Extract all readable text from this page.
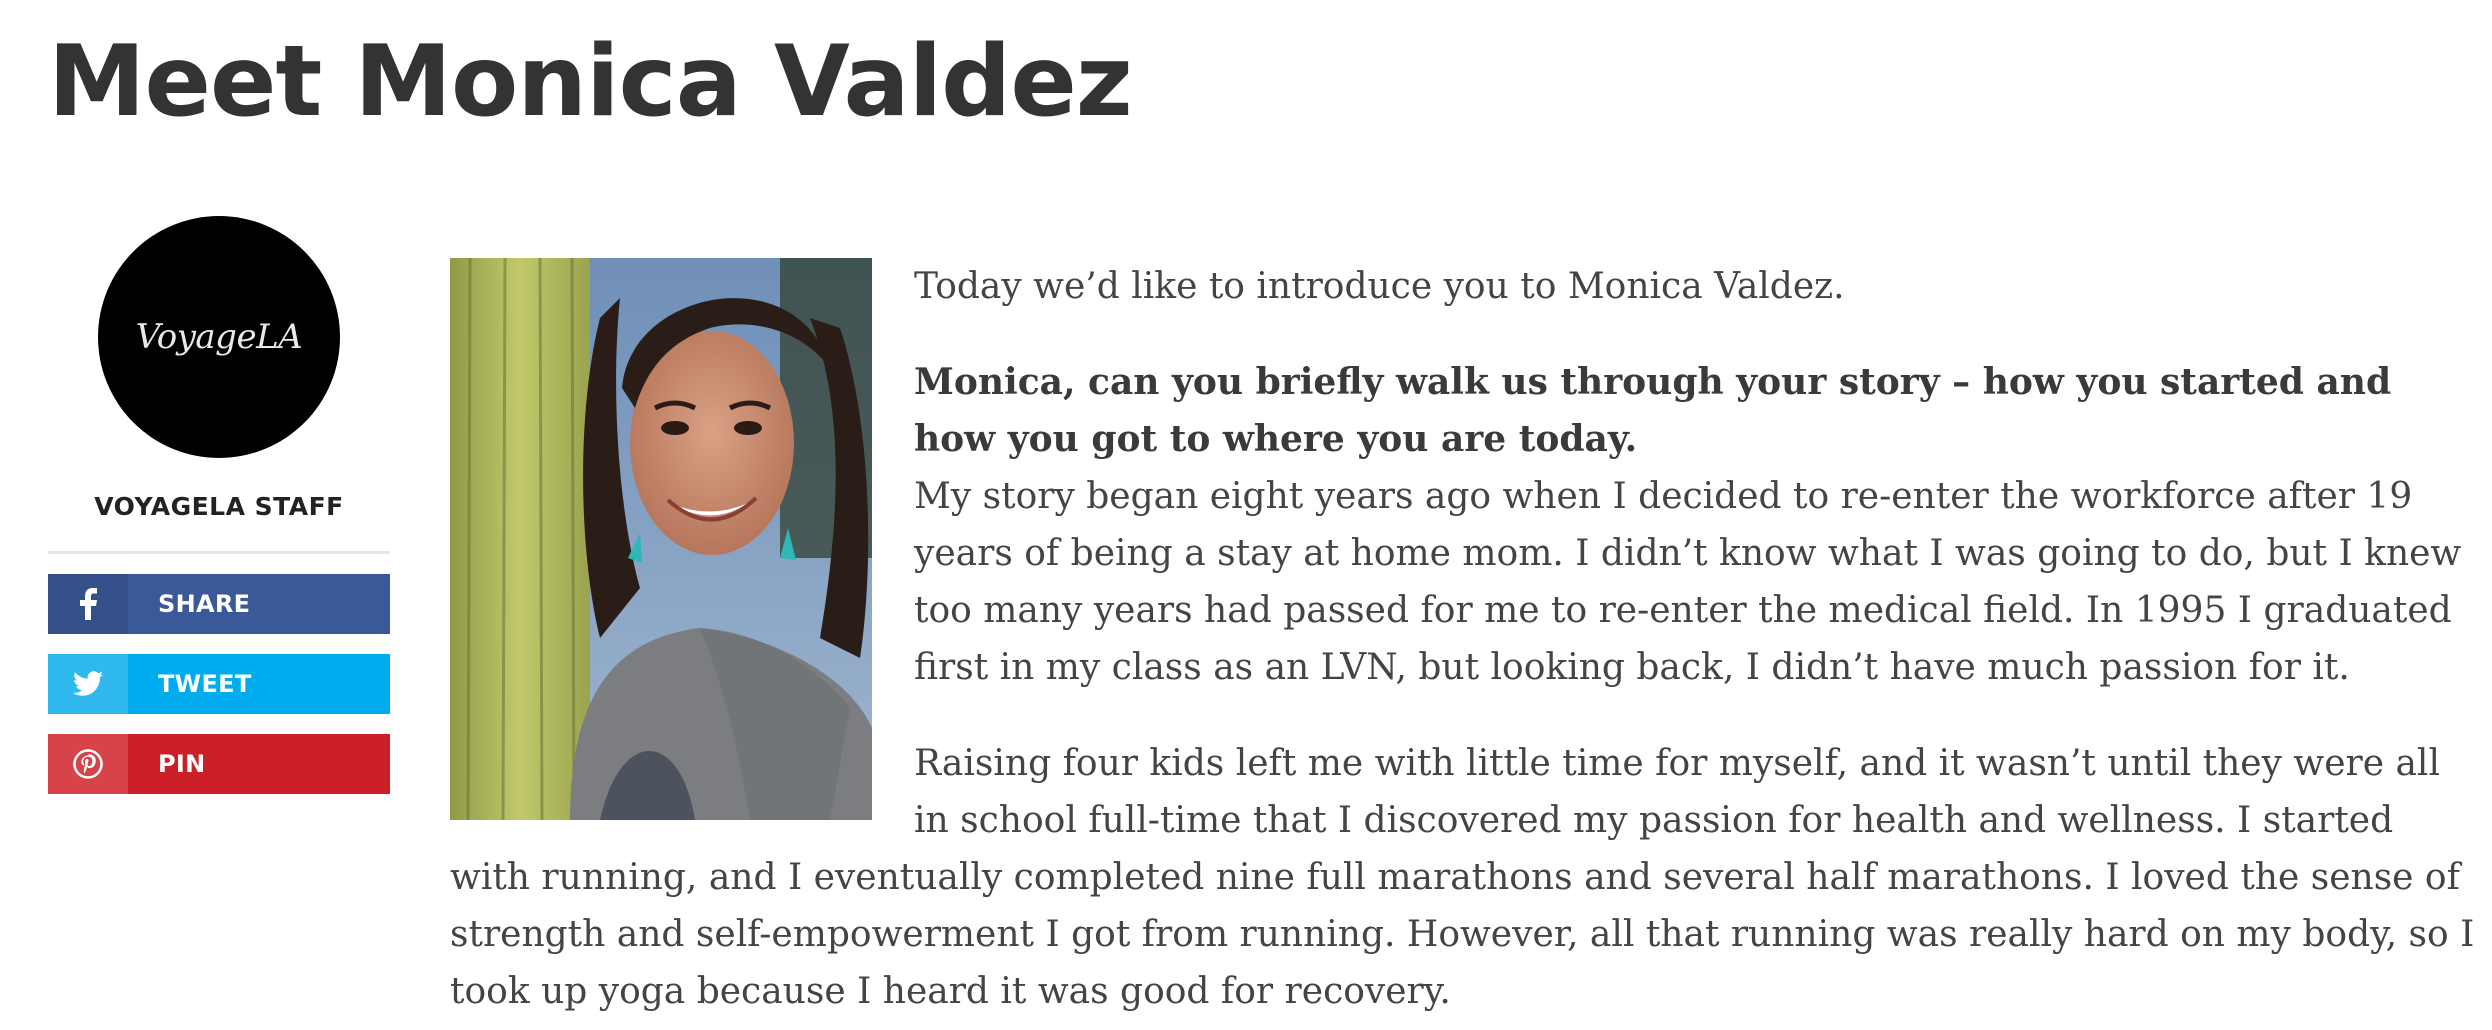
Meet Monica Valdez
VoyageLA
VOYAGELA STAFF
SHARE
TWEET
PIN

Today we’d like to introduce you to Monica Valdez.

Monica, can you briefly walk us through your story – how you started and how you got to where you are today.

My story began eight years ago when I decided to re-enter the workforce after 19 years of being a stay at home mom. I didn’t know what I was going to do, but I knew too many years had passed for me to re-enter the medical field. In 1995 I graduated first in my class as an LVN, but looking back, I didn’t have much passion for it.

Raising four kids left me with little time for myself, and it wasn’t until they were all in school full-time that I discovered my passion for health and wellness. I started with running, and I eventually completed nine full marathons and several half marathons. I loved the sense of strength and self-empowerment I got from running. However, all that running was really hard on my body, so I took up yoga because I heard it was good for recovery.
